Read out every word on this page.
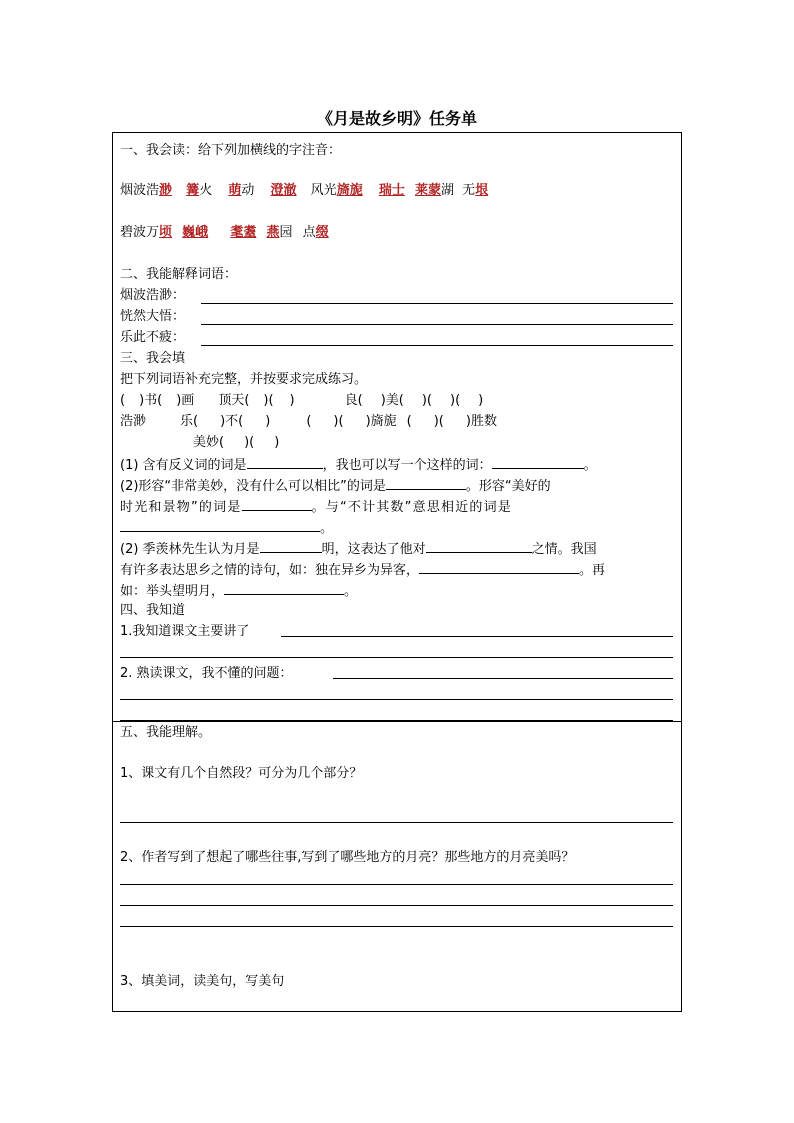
《月是故乡明》任务单
一、我会读：给下列加横线的字注音：
烟波浩渺 篝火 萌动 澄澈 风光旖旎 瑞士 莱蒙湖 无垠
碧波万顷 巍峨 耄耋 燕园 点缀
二、我能解释词语：
烟波浩渺：
恍然大悟：
乐此不疲：
三、我会填
把下列词语补充完整，并按要求完成练习。
( )书( )画 顶天( )( )	良( )美( )( )( )
浩渺	乐( )不( )	( )( )旖旎 ( )( )胜数
美妙( )( )
(1) 含有反义词的词是	，我也可以写一个这样的词：	。
(2)形容“非常美妙，没有什么可以相比”的词是	。形容“美好的
时光和景物”的词是	。与“不计其数”意思相近的词是
。
(2) 季羡林先生认为月是	明，这表达了他对	之情。我国
有许多表达思乡之情的诗句，如：独在异乡为异客，	。再
如：举头望明月，	。
四、我知道
1.我知道课文主要讲了
2. 熟读课文，我不懂的问题：
五、我能理解。
1、课文有几个自然段？可分为几个部分？
2、作者写到了想起了哪些往事,写到了哪些地方的月亮？那些地方的月亮美吗？
3、填美词，读美句，写美句
